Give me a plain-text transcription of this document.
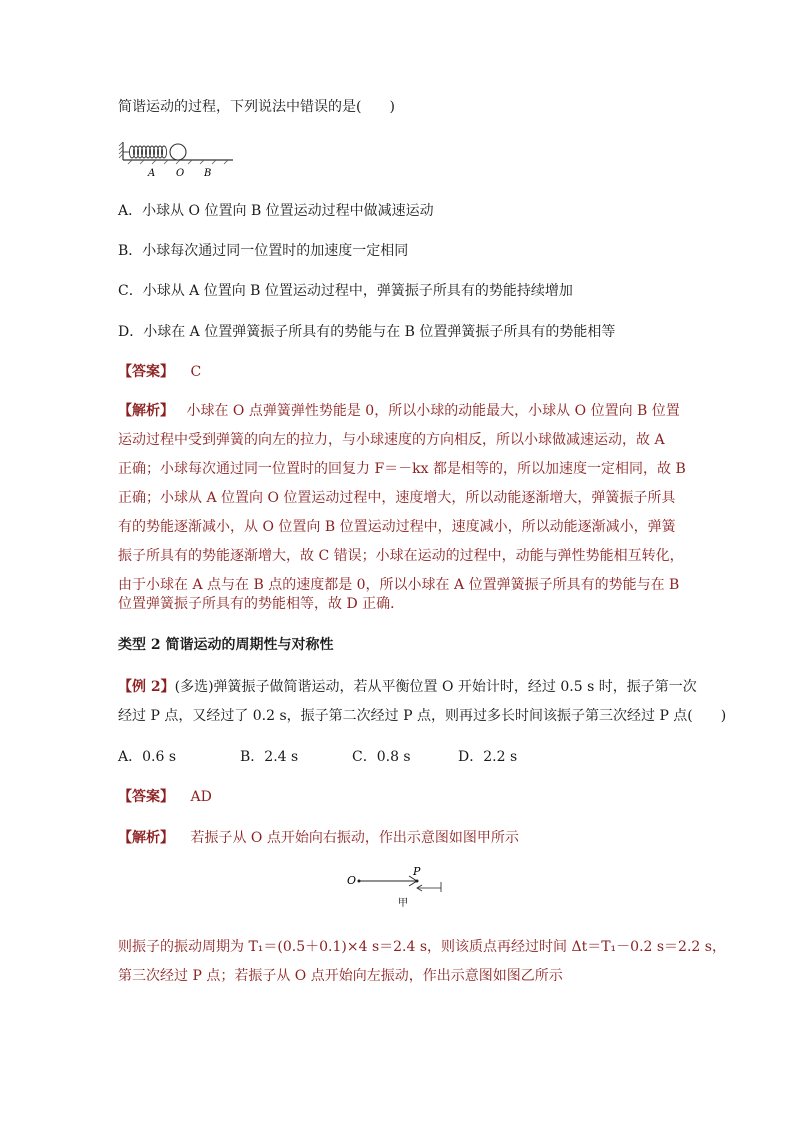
简谐运动的过程，下列说法中错误的是(　　)
A O B
A．小球从 O 位置向 B 位置运动过程中做减速运动
B．小球每次通过同一位置时的加速度一定相同
C．小球从 A 位置向 B 位置运动过程中，弹簧振子所具有的势能持续增加
D．小球在 A 位置弹簧振子所具有的势能与在 B 位置弹簧振子所具有的势能相等
【答案】 C
【解析】 小球在 O 点弹簧弹性势能是 0，所以小球的动能最大，小球从 O 位置向 B 位置
运动过程中受到弹簧的向左的拉力，与小球速度的方向相反，所以小球做减速运动，故 A
正确；小球每次通过同一位置时的回复力 F＝－kx 都是相等的，所以加速度一定相同，故 B
正确；小球从 A 位置向 O 位置运动过程中，速度增大，所以动能逐渐增大，弹簧振子所具
有的势能逐渐减小，从 O 位置向 B 位置运动过程中，速度减小，所以动能逐渐减小，弹簧
振子所具有的势能逐渐增大，故 C 错误；小球在运动的过程中，动能与弹性势能相互转化，
由于小球在 A 点与在 B 点的速度都是 0，所以小球在 A 位置弹簧振子所具有的势能与在 B
位置弹簧振子所具有的势能相等，故 D 正确．
类型 2 简谐运动的周期性与对称性
【例 2】(多选)弹簧振子做简谐运动，若从平衡位置 O 开始计时，经过 0.5 s 时，振子第一次
经过 P 点，又经过了 0.2 s，振子第二次经过 P 点，则再过多长时间该振子第三次经过 P 点(　　)
A．0.6 s	B．2.4 s	C．0.8 s	D．2.2 s
【答案】 AD
【解析】 若振子从 O 点开始向右振动，作出示意图如图甲所示
O
P
甲
则振子的振动周期为 T₁＝(0.5＋0.1)×4 s＝2.4 s，则该质点再经过时间 Δt＝T₁－0.2 s＝2.2 s，
第三次经过 P 点；若振子从 O 点开始向左振动，作出示意图如图乙所示
